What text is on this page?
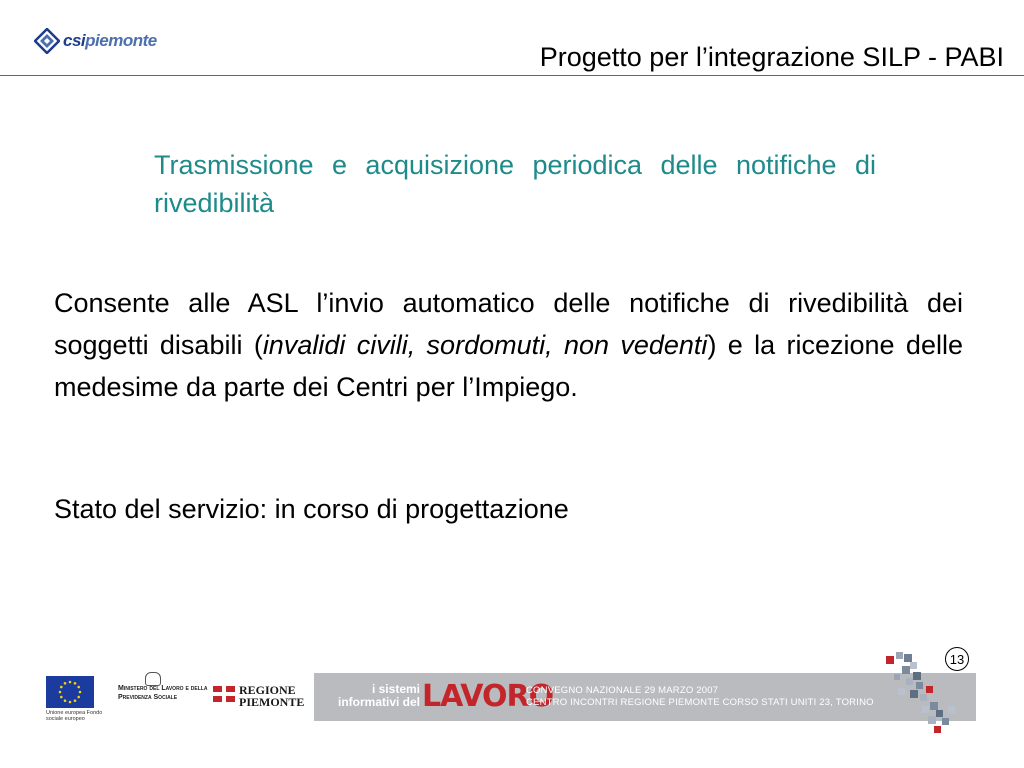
csipiemonte
Progetto per l’integrazione SILP - PABI
Trasmissione e acquisizione periodica delle notifiche di rivedibilità
Consente alle ASL l’invio automatico delle notifiche di rivedibilità dei soggetti disabili (invalidi civili, sordomuti, non vedenti) e la ricezione delle medesime da parte dei Centri per l’Impiego.
Stato del servizio: in corso di progettazione
13
Unione europea Fondo sociale europeo
Ministero del Lavoro e della Previdenza Sociale
REGIONE
PIEMONTE
i sistemi
informativi del LAVORO
CONVEGNO NAZIONALE 29 MARZO 2007
CENTRO INCONTRI REGIONE PIEMONTE CORSO STATI UNITI 23, TORINO
